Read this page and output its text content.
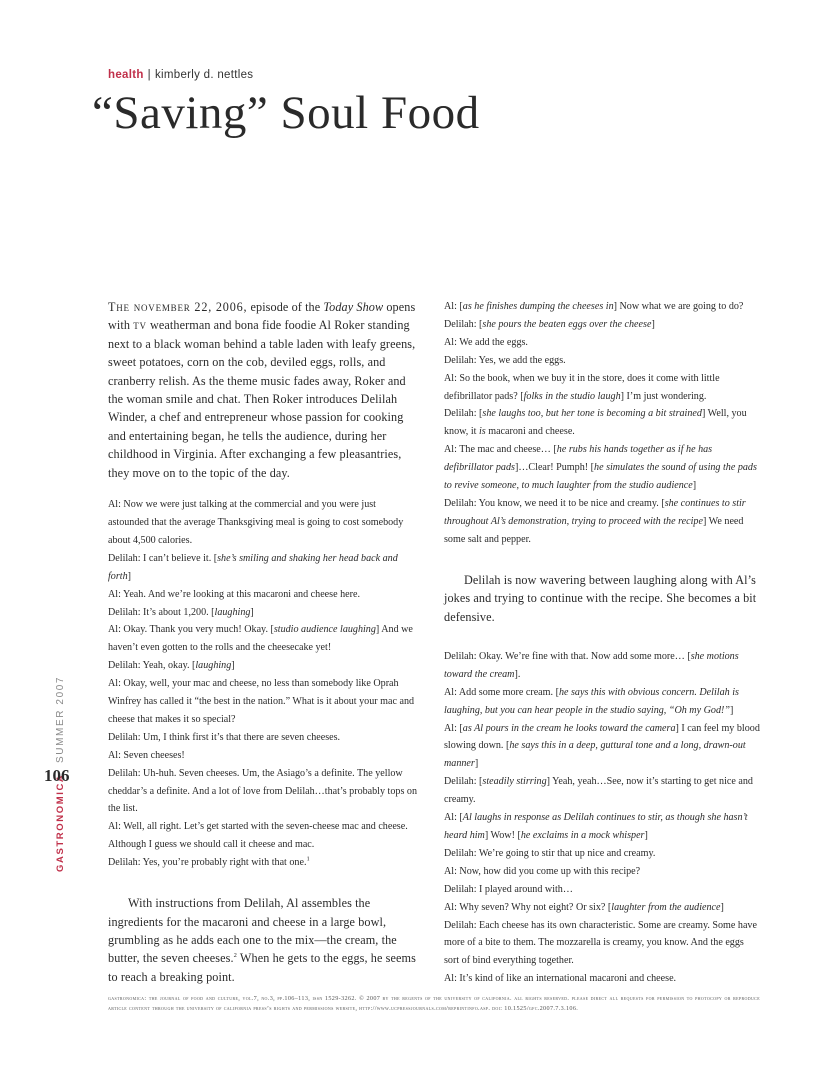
health | kimberly d. nettles
“Saving” Soul Food

The november 22, 2006, episode of the Today Show opens with tv weatherman and bona fide foodie Al Roker standing next to a black woman behind a table laden with leafy greens, sweet potatoes, corn on the cob, deviled eggs, rolls, and cranberry relish. As the theme music fades away, Roker and the woman smile and chat. Then Roker introduces Delilah Winder, a chef and entrepreneur whose passion for cooking and entertaining began, he tells the audience, during her childhood in Virginia. After exchanging a few pleasantries, they move on to the topic of the day.

Al: Now we were just talking at the commercial and you were just astounded that the average Thanksgiving meal is going to cost somebody about 4,500 calories.

Delilah: I can’t believe it. [she’s smiling and shaking her head back and forth]

Al: Yeah. And we’re looking at this macaroni and cheese here.

Delilah: It’s about 1,200. [laughing]

Al: Okay. Thank you very much! Okay. [studio audience laughing] And we haven’t even gotten to the rolls and the cheesecake yet!

Delilah: Yeah, okay. [laughing]

Al: Okay, well, your mac and cheese, no less than somebody like Oprah Winfrey has called it “the best in the nation.” What is it about your mac and cheese that makes it so special?

Delilah: Um, I think first it’s that there are seven cheeses.

Al: Seven cheeses!

Delilah: Uh-huh. Seven cheeses. Um, the Asiago’s a definite. The yellow cheddar’s a definite. And a lot of love from Delilah…that’s probably tops on the list.

Al: Well, all right. Let’s get started with the seven-cheese mac and cheese. Although I guess we should call it cheese and mac.

Delilah: Yes, you’re probably right with that one.$^1$

With instructions from Delilah, Al assembles the ingredients for the macaroni and cheese in a large bowl, grumbling as he adds each one to the mix—the cream, the butter, the seven cheeses.$^2$ When he gets to the eggs, he seems to reach a breaking point.

Al: [as he finishes dumping the cheeses in] Now what we are going to do?

Delilah: [she pours the beaten eggs over the cheese]

Al: We add the eggs.

Delilah: Yes, we add the eggs.

Al: So the book, when we buy it in the store, does it come with little defibrillator pads? [folks in the studio laugh] I’m just wondering.

Delilah: [she laughs too, but her tone is becoming a bit strained] Well, you know, it is macaroni and cheese.

Al: The mac and cheese… [he rubs his hands together as if he has defibrillator pads]…Clear! Pumph! [he simulates the sound of using the pads to revive someone, to much laughter from the studio audience]

Delilah: You know, we need it to be nice and creamy. [she continues to stir throughout Al’s demonstration, trying to proceed with the recipe] We need some salt and pepper.

Delilah is now wavering between laughing along with Al’s jokes and trying to continue with the recipe. She becomes a bit defensive.

Delilah: Okay. We’re fine with that. Now add some more… [she motions toward the cream].

Al: Add some more cream. [he says this with obvious concern. Delilah is laughing, but you can hear people in the studio saying, “Oh my God!”]

Al: [as Al pours in the cream he looks toward the camera] I can feel my blood slowing down. [he says this in a deep, guttural tone and a long, drawn-out manner]

Delilah: [steadily stirring] Yeah, yeah…See, now it’s starting to get nice and creamy.

Al: [Al laughs in response as Delilah continues to stir, as though she hasn’t heard him] Wow! [he exclaims in a mock whisper]

Delilah: We’re going to stir that up nice and creamy.

Al: Now, how did you come up with this recipe?

Delilah: I played around with…

Al: Why seven? Why not eight? Or six? [laughter from the audience]

Delilah: Each cheese has its own characteristic. Some are creamy. Some have more of a bite to them. The mozzarella is creamy, you know. And the eggs sort of bind everything together.

Al: It’s kind of like an international macaroni and cheese.

SUMMER 2007
GASTRONOMICA
106
gastronomica: the journal of food and culture, vol.7, no.3, pp.106–113, issn 1529-3262. © 2007 by the regents of the university of california. all rights reserved. please direct all requests for permission to photocopy or reproduce article content through the university of california press’s rights and permissions website, http://www.ucpressjournals.com/reprintinfo.asp. doi: 10.1525/gfc.2007.7.3.106.
